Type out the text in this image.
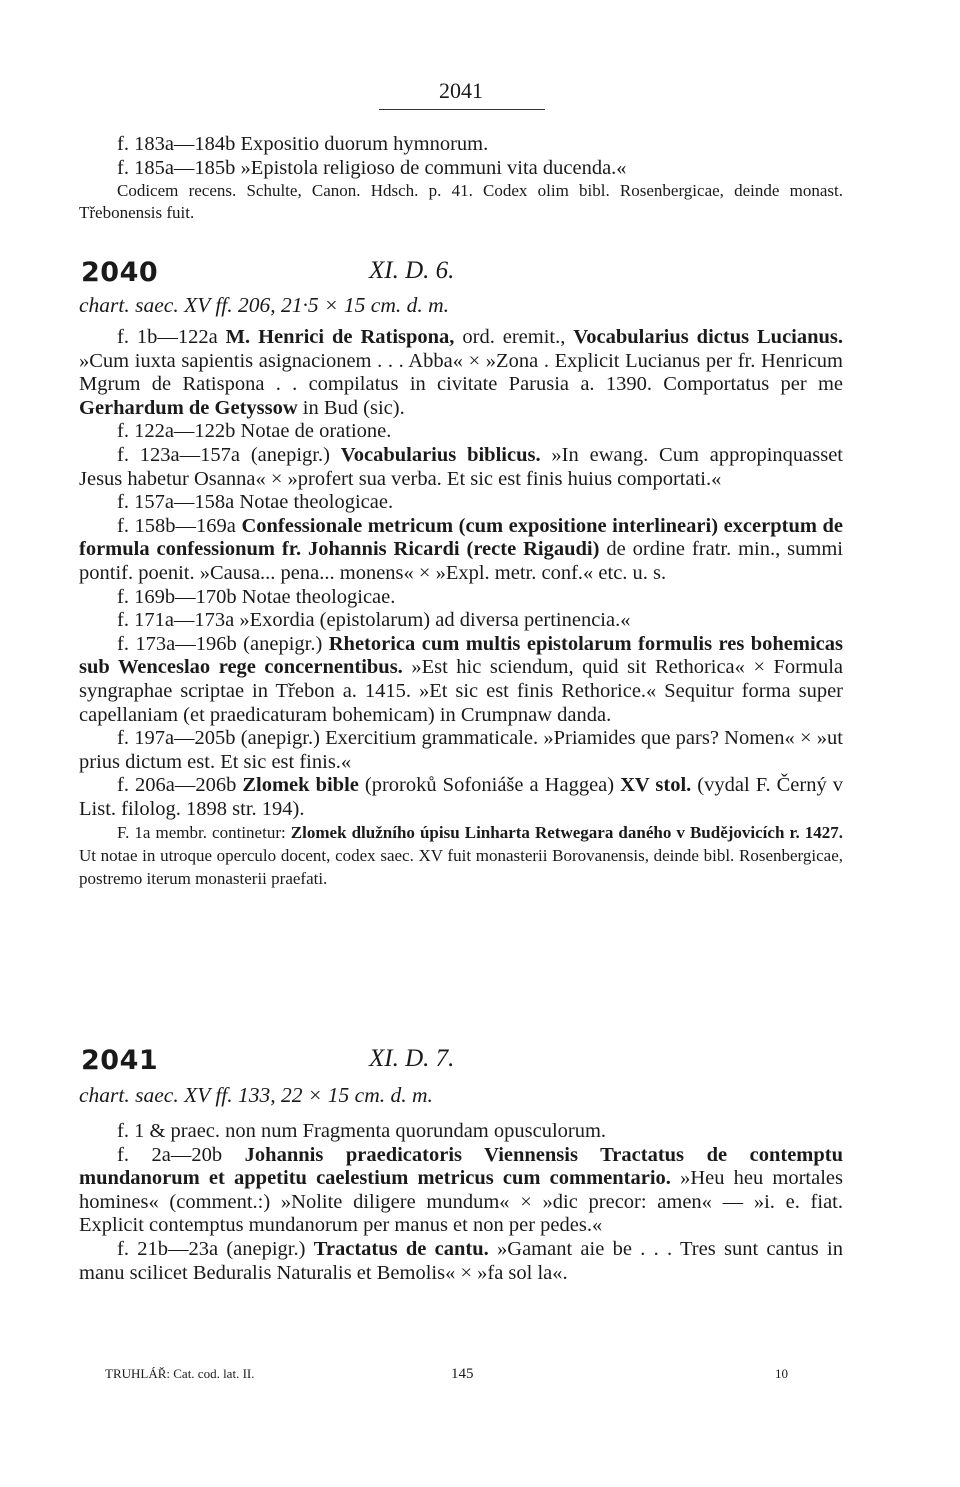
2041
f. 183a—184b Expositio duorum hymnorum.
f. 185a—185b »Epistola religioso de communi vita ducenda.«
Codicem recens. Schulte, Canon. Hdsch. p. 41. Codex olim bibl. Rosenbergicae, deinde monast. Třebonensis fuit.
2040	XI. D. 6.
chart. saec. XV ff. 206, 21·5 × 15 cm. d. m.
f. 1b—122a M. Henrici de Ratispona, ord. eremit., Vocabularius dictus Lucianus. »Cum iuxta sapientis asignacionem . . . Abba« × »Zona . Explicit Lucianus per fr. Henricum Mgrum de Ratispona . . compilatus in civitate Parusia a. 1390. Comportatus per me Gerhardum de Getyssow in Bud (sic).
f. 122a—122b Notae de oratione.
f. 123a—157a (anepigr.) Vocabularius biblicus. »In ewang. Cum appropinquasset Jesus habetur Osanna« × »profert sua verba. Et sic est finis huius comportati.«
f. 157a—158a Notae theologicae.
f. 158b—169a Confessionale metricum (cum expositione interlineari) excerptum de formula confessionum fr. Johannis Ricardi (recte Rigaudi) de ordine fratr. min., summi pontif. poenit. »Causa... pena... monens« × »Expl. metr. conf.« etc. u. s.
f. 169b—170b Notae theologicae.
f. 171a—173a »Exordia (epistolarum) ad diversa pertinencia.«
f. 173a—196b (anepigr.) Rhetorica cum multis epistolarum formulis res bohemicas sub Wenceslao rege concernentibus. »Est hic sciendum, quid sit Rethorica« × Formula syngraphae scriptae in Třebon a. 1415. »Et sic est finis Rethorice.« Sequitur forma super capellaniam (et praedicaturam bohemicam) in Crumpnaw danda.
f. 197a—205b (anepigr.) Exercitium grammaticale. »Priamides que pars? Nomen« × »ut prius dictum est. Et sic est finis.«
f. 206a—206b Zlomek bible (proroků Sofoniáše a Haggea) XV stol. (vydal F. Černý v List. filolog. 1898 str. 194).
F. 1a membr. continetur: Zlomek dlužního úpisu Linharta Retwegara daného v Budějovicích r. 1427. Ut notae in utroque operculo docent, codex saec. XV fuit monasterii Borovanensis, deinde bibl. Rosenbergicae, postremo iterum monasterii praefati.
2041	XI. D. 7.
chart. saec. XV ff. 133, 22 × 15 cm. d. m.
f. 1 & praec. non num Fragmenta quorundam opusculorum.
f. 2a—20b Johannis praedicatoris Viennensis Tractatus de contemptu mundanorum et appetitu caelestium metricus cum commentario. »Heu heu mortales homines« (comment.:) »Nolite diligere mundum« × »dic precor: amen« — »i. e. fiat. Explicit contemptus mundanorum per manus et non per pedes.«
f. 21b—23a (anepigr.) Tractatus de cantu. »Gamant aie be . . . Tres sunt cantus in manu scilicet Beduralis Naturalis et Bemolis« × »fa sol la«.
TRUHLÁŘ: Cat. cod. lat. II.	145	10
